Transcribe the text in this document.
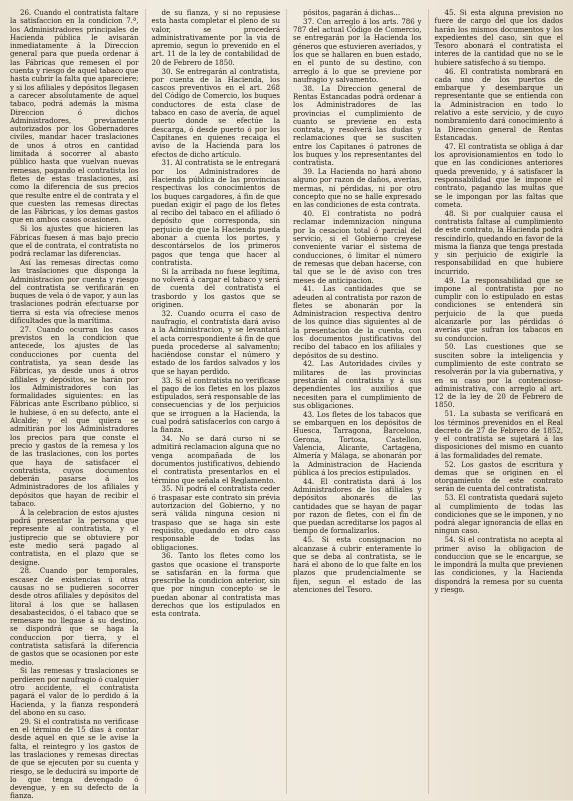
26. Cuando el contratista faltare la satisfaccion en la condicion 7.ª, los Administradores principales de Hacienda pública le avisarán inmediatamente á la Direccion general para que pueda ordenar á las Fábricas que remesen el por cuenta y riesgo de aquel tabaco que hasta cubrir la falta que apareciere; y si los afiliales y depósitos llegasen a carecer absolutamente de aquel tabaco, podrá además la misma Direccion ó dichos Administradores, previamente autorizados por los Gobernadores civiles, mandar hacer traslaciones de unos á otros en cantidad limitada á socorrer al abasto público hasta que vuelvan nuevas remesas, pagando el contratista los fletes de estas traslaciones, así como la diferencia de sus precios que resulte entre el de contrata y el que cuesten las remesas directas de las Fábricas, y los demas gastos que en ambos casos ocasionen.

Si los ajustes que hicieren las Fábricas fuesen á mas bajo precio que el de contrata, el contratista no podrá reclamar las diferencias.

Así las remesas directas como las traslaciones que disponga la Administracion por cuenta y riesgo del contratista se verificarán en buques de vela ó de vapor, y aun las traslaciones podrán efectuarse por tierra si esta vía ofreciese menos dificultades que la marítima.

27. Cuando ocurran los casos previstos en la condicion que antecede, los ajustes de las conducciones por cuenta del contratista, ya sean desde las Fábricas, ya desde unos á otros afiliales y depósitos, se harán por los Administradores con las formalidades siguientes: en las Fábricas ante Escribano público, si le hubiese, ó en su defecto, ante el Alcalde; y el que quiera se admitirán por los Administradores los precios para que conste el precio y gastos de la remesa y los de las traslaciones, con los portes que haya de satisfacer el contratista, cuyos documentos deberán pasarse á los Administradores de los afiliales y depósitos que hayan de recibir el tabaco.

Á la celebracion de estos ajustes podrá presentar la persona que represente al contratista, y el justiprecio que se obtuviere por este medio será pagado al contratista, en el plazo que se designe.

28. Cuando por temporales, escasez de existencias ú otras causas no se pudieren socorrer desde otros afiliales y depósitos del litoral á los que se hallasen desabastecidos, ó el tabaco que se remesare no llegase á su destino, se dispondrá que se haga la conduccion por tierra, y el contratista satisfará la diferencia de gastos que se ocasionen por este medio.

Si las remesas y traslaciones se perdieren por naufragio ó cualquier otro accidente, el contratista pagará el valor de lo perdido á la Hacienda, y la fianza responderá del abono en su caso.

29. Si el contratista no verificase en el término de 15 dias á contar desde aquel en que se le avise la falta, el reintegro y los gastos de las traslaciones y remesas directas de que se ejecuten por su cuenta y riesgo, se le deducirá su importe de lo que tenga devengado ó devengue, y en su defecto de la fianza.

de su fianza, y si no repusiese esta hasta completar el pleno de su valor, se procederá administrativamente por la via de apremio, segun lo prevenido en el art. 11 de la ley de contabilidad de 20 de Febrero de 1850.

30. Se entregarán al contratista, por cuenta de la Hacienda, los cascos preventivos en el art. 268 del Código de Comercio, los buques conductores de esta clase de tabaco en caso de avería, de aquel puerto donde se efectúe la descarga, ó desde puerto ó por los Capitanes en quienes recaiga el aviso de la Hacienda para los efectos de dicho artículo.

31. Al contratista se le entregará por los Administradores de Hacienda pública de las provincias respectivas los conocimientos de los buques cargadores, á fin de que puedan exigir el pago de los fletes al recibo del tabaco en el afiliado ó depósito que corresponda, sin perjuicio de que la Hacienda pueda abonar a cuenta los portes, y descontárselos de los primeros pagos que tenga que hacer al contratista.

Si la arribada no fuese legítima, no volverá á cargar el tabaco y será de cuenta del contratista el trasbordo y los gastos que se originen.

32. Cuando ocurra el caso de naufragio, el contratista dará aviso a la Administracion, y se levantará el acta correspondiente á fin de que pueda procederse al salvamento; haciéndose constar el número y estado de los fardos salvados y los que se hayan perdido.

33. Si el contratista no verificase el pago de los fletes en los plazos estipulados, será responsable de las consecuencias y de los perjuicios que se irroguen a la Hacienda, la cual podrá satisfacerlos con cargo á la fianza.

34. No se dará curso ni se admitirá reclamacion alguna que no venga acompañada de los documentos justificativos, debiendo el contratista presentarlos en el término que señala el Reglamento.

35. Ni podrá el contratista ceder ó traspasar este contrato sin prévia autorizacion del Gobierno, y no será válida ninguna cesion ni traspaso que se haga sin este requisito, quedando en otro caso responsable de todas las obligaciones.

36. Tanto los fletes como los gastos que ocasione el transporte se satisfarán en la forma que prescribe la condicion anterior, sin que por ningun concepto se le puedan abonar al contratista mas derechos que los estipulados en esta contrata.

pósitos, pagarán á dichas...

37. Con arreglo á los arts. 786 y 787 del actual Código de Comercio, se entregarán por la Hacienda los géneros que estuvieren averiados, y los que se hallaren en buen estado, en el punto de su destino, con arreglo á lo que se previene por naufragio y salvamento.

38. La Direccion general de Rentas Estancadas podrá ordenar á los Administradores de las provincias el cumplimiento de cuanto se previene en esta contrata, y resolverá las dudas y reclamaciones que se susciten entre los Capitanes ó patrones de los buques y los representantes del contratista.

39. La Hacienda no hará abono alguno por razon de daños, averías, mermas, ni pérdidas, ni por otro concepto que no se halle expresado en las condiciones de esta contrata.

40. El contratista no podrá reclamar indemnizacion ninguna por la cesacion total ó parcial del servicio, si el Gobierno creyese conveniente variar el sistema de conducciones, ó limitar el número de remesas que deban hacerse, con tal que se le dé aviso con tres meses de anticipacion.

41. Las cantidades que se adeuden al contratista por razon de fletes se abonarán por la Administracion respectiva dentro de los quince dias siguientes al de la presentacion de la cuenta, con los documentos justificativos del recibo del tabaco en los afiliales y depósitos de su destino.

42. Las Autoridades civiles y militares de las provincias prestarán al contratista y á sus dependientes los auxilios que necesiten para el cumplimiento de sus obligaciones.

43. Los fletes de los tabacos que se embarquen en los depósitos de Huesca, Tarragona, Barcelona, Gerona, Tortosa, Castellon, Valencia, Alicante, Cartagena, Almería y Málaga, se abonarán por la Administracion de Hacienda pública á los precios estipulados.

44. El contratista dará á los Administradores de los afiliales y depósitos abonarés de las cantidades que se hayan de pagar por razon de fletes, con el fin de que puedan acreditarse los pagos al tiempo de formalizarlos.

45. Si esta consignacion no alcanzase á cubrir enteramente lo que se deba al contratista, se le hará el abono de lo que falte en los plazos que prudencialmente se fijen, segun el estado de las atenciones del Tesoro.

45. Si esta alguna prevision no fuere de cargo del que los dados harán los mismos documentos y los expedientes del caso, sin que el Tesoro abonará el contratista el interes de la cantidad que no se le hubiere satisfecho á su tiempo.

46. El contratista nombrará en cada uno de los puertos de embarque y desembarque un representante que se entienda con la Administracion en todo lo relativo a este servicio, y de cuyo nombramiento dará conocimiento á la Direccion general de Rentas Estancadas.

47. El contratista se obliga á dar los aprovisionamientos en todo lo que en las condiciones anteriores queda prevenido, y á satisfacer la responsabilidad que le impone el contrato, pagando las multas que se le impongan por las faltas que cometa.

48. Si por cualquier causa el contratista faltase al cumplimiento de este contrato, la Hacienda podrá rescindirlo, quedando en favor de la misma la fianza que tenga prestada y sin perjuicio de exigirle la responsabilidad en que hubiere incurrido.

49. La responsabilidad que se impone al contratista por no cumplir con lo estipulado en estas condiciones se entenderá sin perjuicio de la que pueda alcanzarle por las pérdidas ó averías que sufran los tabacos en su conduccion.

50. Las cuestiones que se susciten sobre la inteligencia y cumplimiento de este contrato se resolverán por la via gubernativa, y en su caso por la contencioso-administrativa, con arreglo al art. 12 de la ley de 20 de Febrero de 1850.

51. La subasta se verificará en los términos prevenidos en el Real decreto de 27 de Febrero de 1852, y el contratista se sujetará á las disposiciones del mismo en cuanto á las formalidades del remate.

52. Los gastos de escritura y demas que se originen en el otorgamiento de este contrato serán de cuenta del contratista.

53. El contratista quedará sujeto al cumplimiento de todas las condiciones que se le imponen, y no podrá alegar ignorancia de ellas en ningun caso.

54. Si el contratista no acepta al primer aviso la obligacion de conduccion que se le encargue, se le impondrá la multa que previenen las condiciones, y la Hacienda dispondrá la remesa por su cuenta y riesgo.
